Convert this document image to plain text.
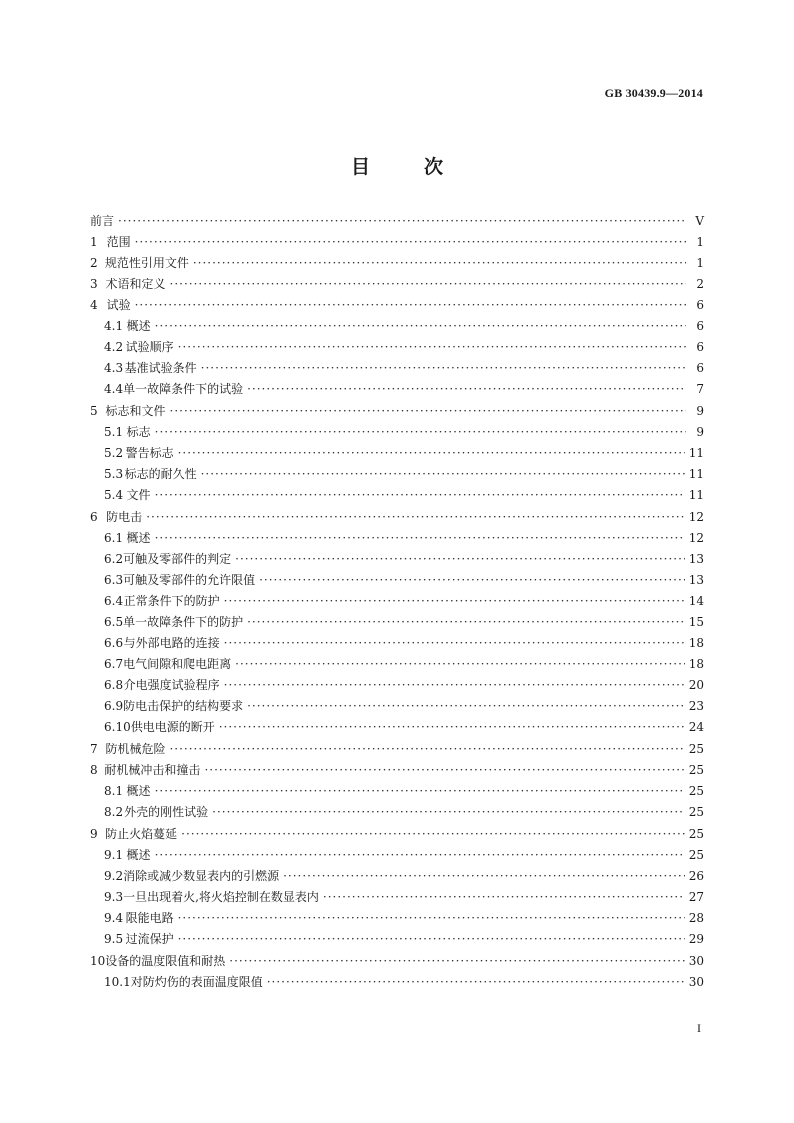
GB 30439.9—2014
目	次
前言 ·····	V
1 范围 ·····	1
2 规范性引用文件 ·····	1
3 术语和定义 ·····	2
4 试验 ·····	6
4.1 概述 ·····	6
4.2 试验顺序 ·····	6
4.3 基准试验条件 ·····	6
4.4 单一故障条件下的试验 ·····	7
5 标志和文件 ·····	9
5.1 标志 ·····	9
5.2 警告标志 ·····	11
5.3 标志的耐久性 ·····	11
5.4 文件 ·····	11
6 防电击 ·····	12
6.1 概述 ·····	12
6.2 可触及零部件的判定 ·····	13
6.3 可触及零部件的允许限值 ·····	13
6.4 正常条件下的防护 ·····	14
6.5 单一故障条件下的防护 ·····	15
6.6 与外部电路的连接 ·····	18
6.7 电气间隙和爬电距离 ·····	18
6.8 介电强度试验程序 ·····	20
6.9 防电击保护的结构要求 ·····	23
6.10 供电电源的断开 ·····	24
7 防机械危险 ·····	25
8 耐机械冲击和撞击 ·····	25
8.1 概述 ·····	25
8.2 外壳的刚性试验 ·····	25
9 防止火焰蔓延 ·····	25
9.1 概述 ·····	25
9.2 消除或减少数显表内的引燃源 ·····	26
9.3 一旦出现着火,将火焰控制在数显表内 ·····	27
9.4 限能电路 ·····	28
9.5 过流保护 ·····	29
10 设备的温度限值和耐热 ·····	30
10.1 对防灼伤的表面温度限值 ·····	30
I
